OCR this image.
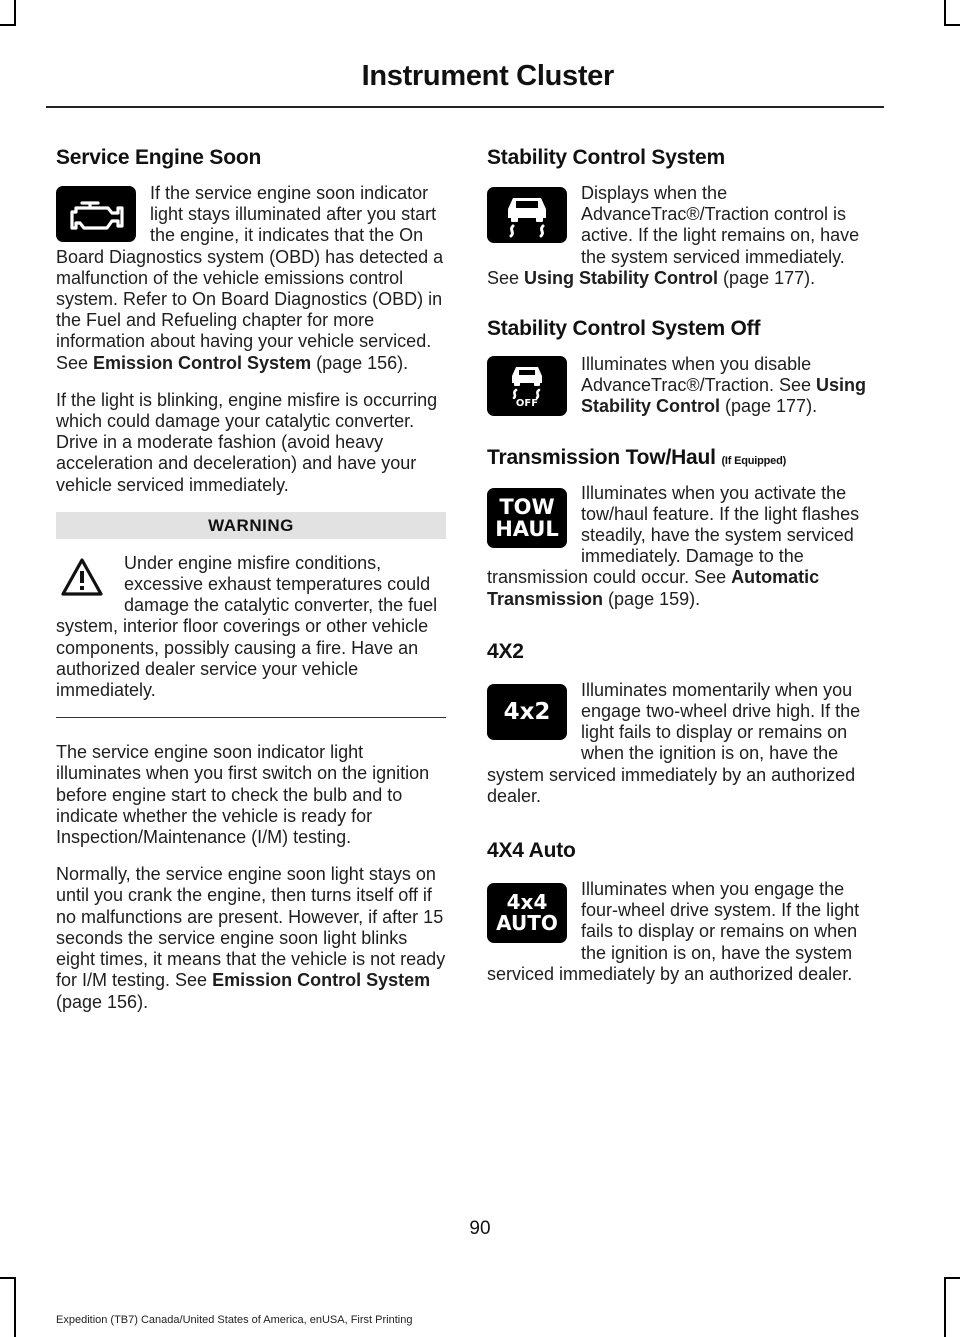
Instrument Cluster
Service Engine Soon

If the service engine soon indicator light stays illuminated after you start the engine, it indicates that the On Board Diagnostics system (OBD) has detected a malfunction of the vehicle emissions control system. Refer to On Board Diagnostics (OBD) in the Fuel and Refueling chapter for more information about having your vehicle serviced. See Emission Control System (page 156).

If the light is blinking, engine misfire is occurring which could damage your catalytic converter. Drive in a moderate fashion (avoid heavy acceleration and deceleration) and have your vehicle serviced immediately.

WARNING

Under engine misfire conditions, excessive exhaust temperatures could damage the catalytic converter, the fuel system, interior floor coverings or other vehicle components, possibly causing a fire. Have an authorized dealer service your vehicle immediately.

The service engine soon indicator light illuminates when you first switch on the ignition before engine start to check the bulb and to indicate whether the vehicle is ready for Inspection/Maintenance (I/M) testing.

Normally, the service engine soon light stays on until you crank the engine, then turns itself off if no malfunctions are present. However, if after 15 seconds the service engine soon light blinks eight times, it means that the vehicle is not ready for I/M testing. See Emission Control System (page 156).

Stability Control System

Displays when the AdvanceTrac®/Traction control is active. If the light remains on, have the system serviced immediately. See Using Stability Control (page 177).

Stability Control System Off
OFF

Illuminates when you disable AdvanceTrac®/Traction. See Using Stability Control (page 177).

Transmission Tow/Haul (If Equipped)
TOW
HAUL

Illuminates when you activate the tow/haul feature. If the light flashes steadily, have the system serviced immediately. Damage to the transmission could occur. See Automatic Transmission (page 159).

4X2
4x2

Illuminates momentarily when you engage two-wheel drive high. If the light fails to display or remains on when the ignition is on, have the system serviced immediately by an authorized dealer.

4X4 Auto
4x4
AUTO

Illuminates when you engage the four-wheel drive system. If the light fails to display or remains on when the ignition is on, have the system serviced immediately by an authorized dealer.

90
Expedition (TB7) Canada/United States of America, enUSA, First Printing
